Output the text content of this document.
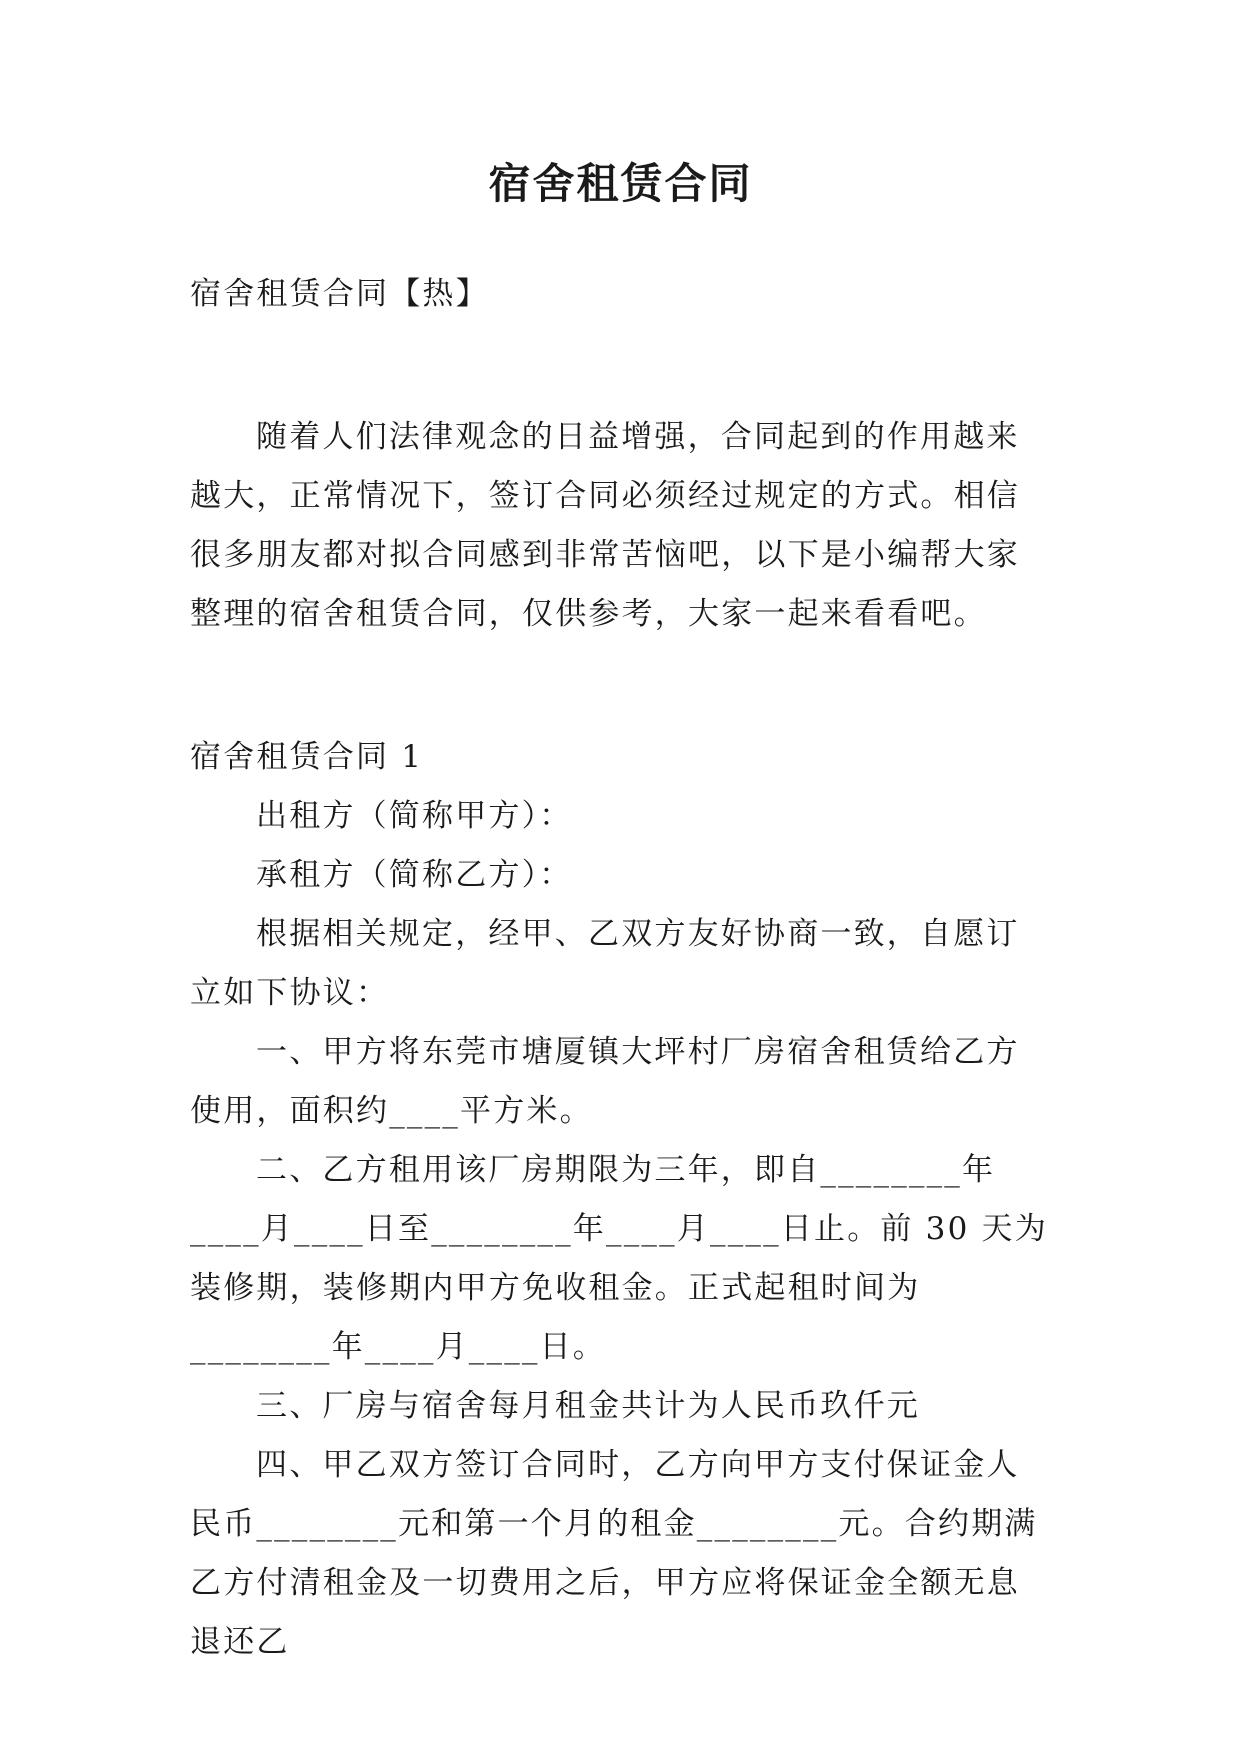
宿舍租赁合同

宿舍租赁合同【热】

随着人们法律观念的日益增强，合同起到的作用越来越大，正常情况下，签订合同必须经过规定的方式。相信很多朋友都对拟合同感到非常苦恼吧，以下是小编帮大家整理的宿舍租赁合同，仅供参考，大家一起来看看吧。

宿舍租赁合同 1

出租方（简称甲方）：

承租方（简称乙方）：

根据相关规定，经甲、乙双方友好协商一致，自愿订立如下协议：

一、甲方将东莞市塘厦镇大坪村厂房宿舍租赁给乙方使用，面积约____平方米。

二、乙方租用该厂房期限为三年，即自________年____月____日至________年____月____日止。前 30 天为装修期，装修期内甲方免收租金。正式起租时间为________年____月____日。

三、厂房与宿舍每月租金共计为人民币玖仟元

四、甲乙双方签订合同时，乙方向甲方支付保证金人民币________元和第一个月的租金________元。合约期满乙方付清租金及一切费用之后，甲方应将保证金全额无息退还乙
